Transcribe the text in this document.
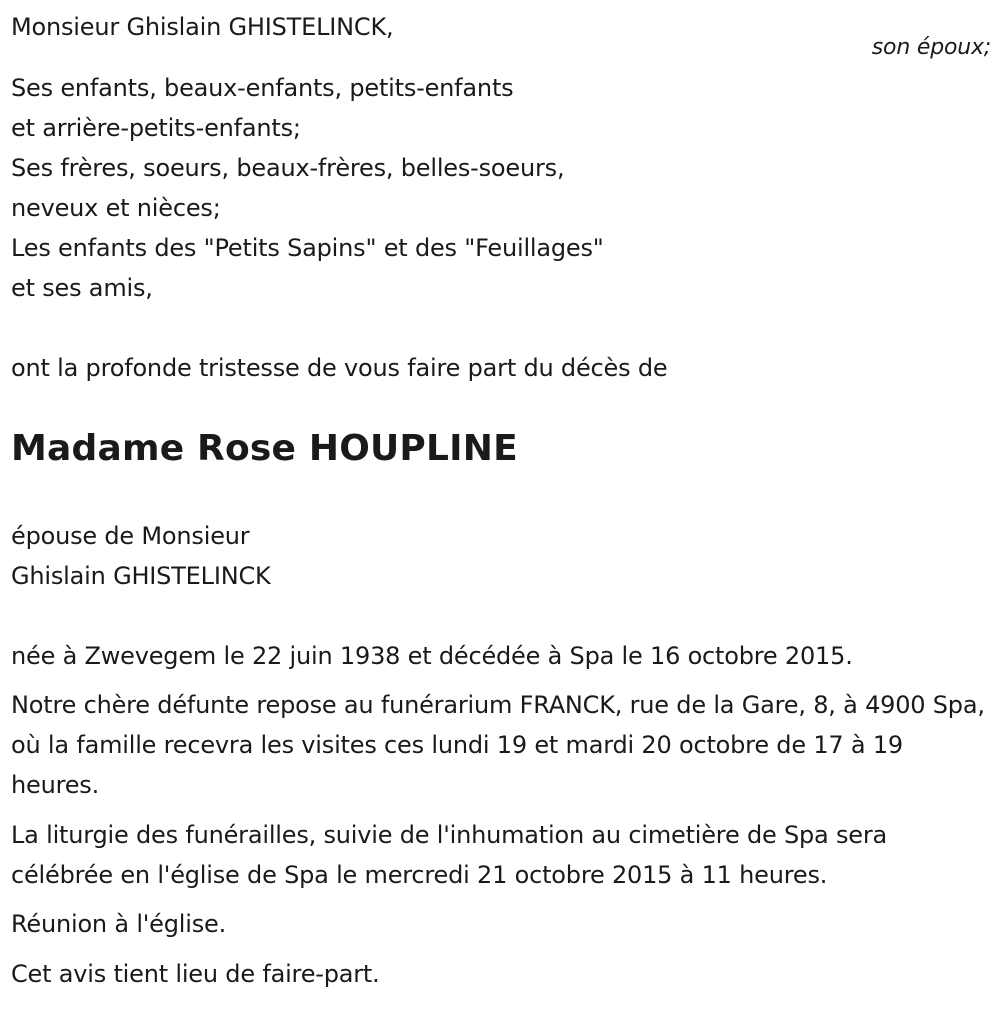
Monsieur Ghislain GHISTELINCK,
son époux;
Ses enfants, beaux-enfants, petits-enfants
et arrière-petits-enfants;
Ses frères, soeurs, beaux-frères, belles-soeurs,
neveux et nièces;
Les enfants des "Petits Sapins" et des "Feuillages"
et ses amis,
ont la profonde tristesse de vous faire part du décès de
Madame Rose HOUPLINE
épouse de Monsieur
Ghislain GHISTELINCK
née à Zwevegem le 22 juin 1938 et décédée à Spa le 16 octobre 2015.
Notre chère défunte repose au funérarium FRANCK, rue de la Gare, 8, à 4900 Spa, où la famille recevra les visites ces lundi 19 et mardi 20 octobre de 17 à 19 heures.
La liturgie des funérailles, suivie de l'inhumation au cimetière de Spa sera célébrée en l'église de Spa le mercredi 21 octobre 2015 à 11 heures.
Réunion à l'église.
Cet avis tient lieu de faire-part.
